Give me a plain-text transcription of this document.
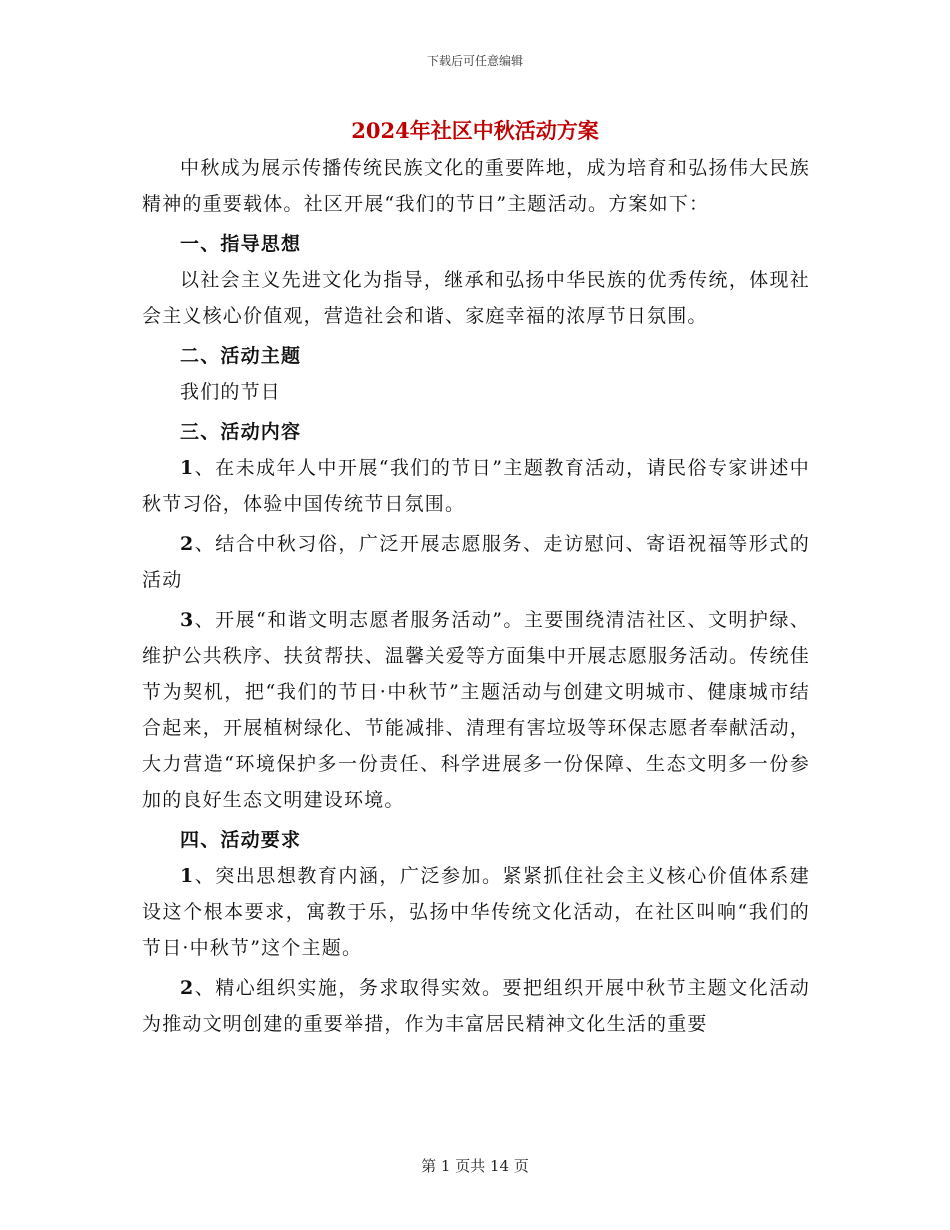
下载后可任意编辑
2024年社区中秋活动方案

中秋成为展示传播传统民族文化的重要阵地，成为培育和弘扬伟大民族精神的重要载体。社区开展“我们的节日”主题活动。方案如下：

一、指导思想

以社会主义先进文化为指导，继承和弘扬中华民族的优秀传统，体现社会主义核心价值观，营造社会和谐、家庭幸福的浓厚节日氛围。

二、活动主题

我们的节日

三、活动内容

1、在未成年人中开展“我们的节日”主题教育活动，请民俗专家讲述中秋节习俗，体验中国传统节日氛围。

2、结合中秋习俗，广泛开展志愿服务、走访慰问、寄语祝福等形式的活动

3、开展“和谐文明志愿者服务活动”。主要围绕清洁社区、文明护绿、维护公共秩序、扶贫帮扶、温馨关爱等方面集中开展志愿服务活动。传统佳节为契机，把“我们的节日·中秋节”主题活动与创建文明城市、健康城市结合起来，开展植树绿化、节能减排、清理有害垃圾等环保志愿者奉献活动，大力营造“环境保护多一份责任、科学进展多一份保障、生态文明多一份参加的良好生态文明建设环境。

四、活动要求

1、突出思想教育内涵，广泛参加。紧紧抓住社会主义核心价值体系建设这个根本要求，寓教于乐，弘扬中华传统文化活动，在社区叫响“我们的节日·中秋节”这个主题。

2、精心组织实施，务求取得实效。要把组织开展中秋节主题文化活动为推动文明创建的重要举措，作为丰富居民精神文化生活的重要

第 1 页共 14 页
